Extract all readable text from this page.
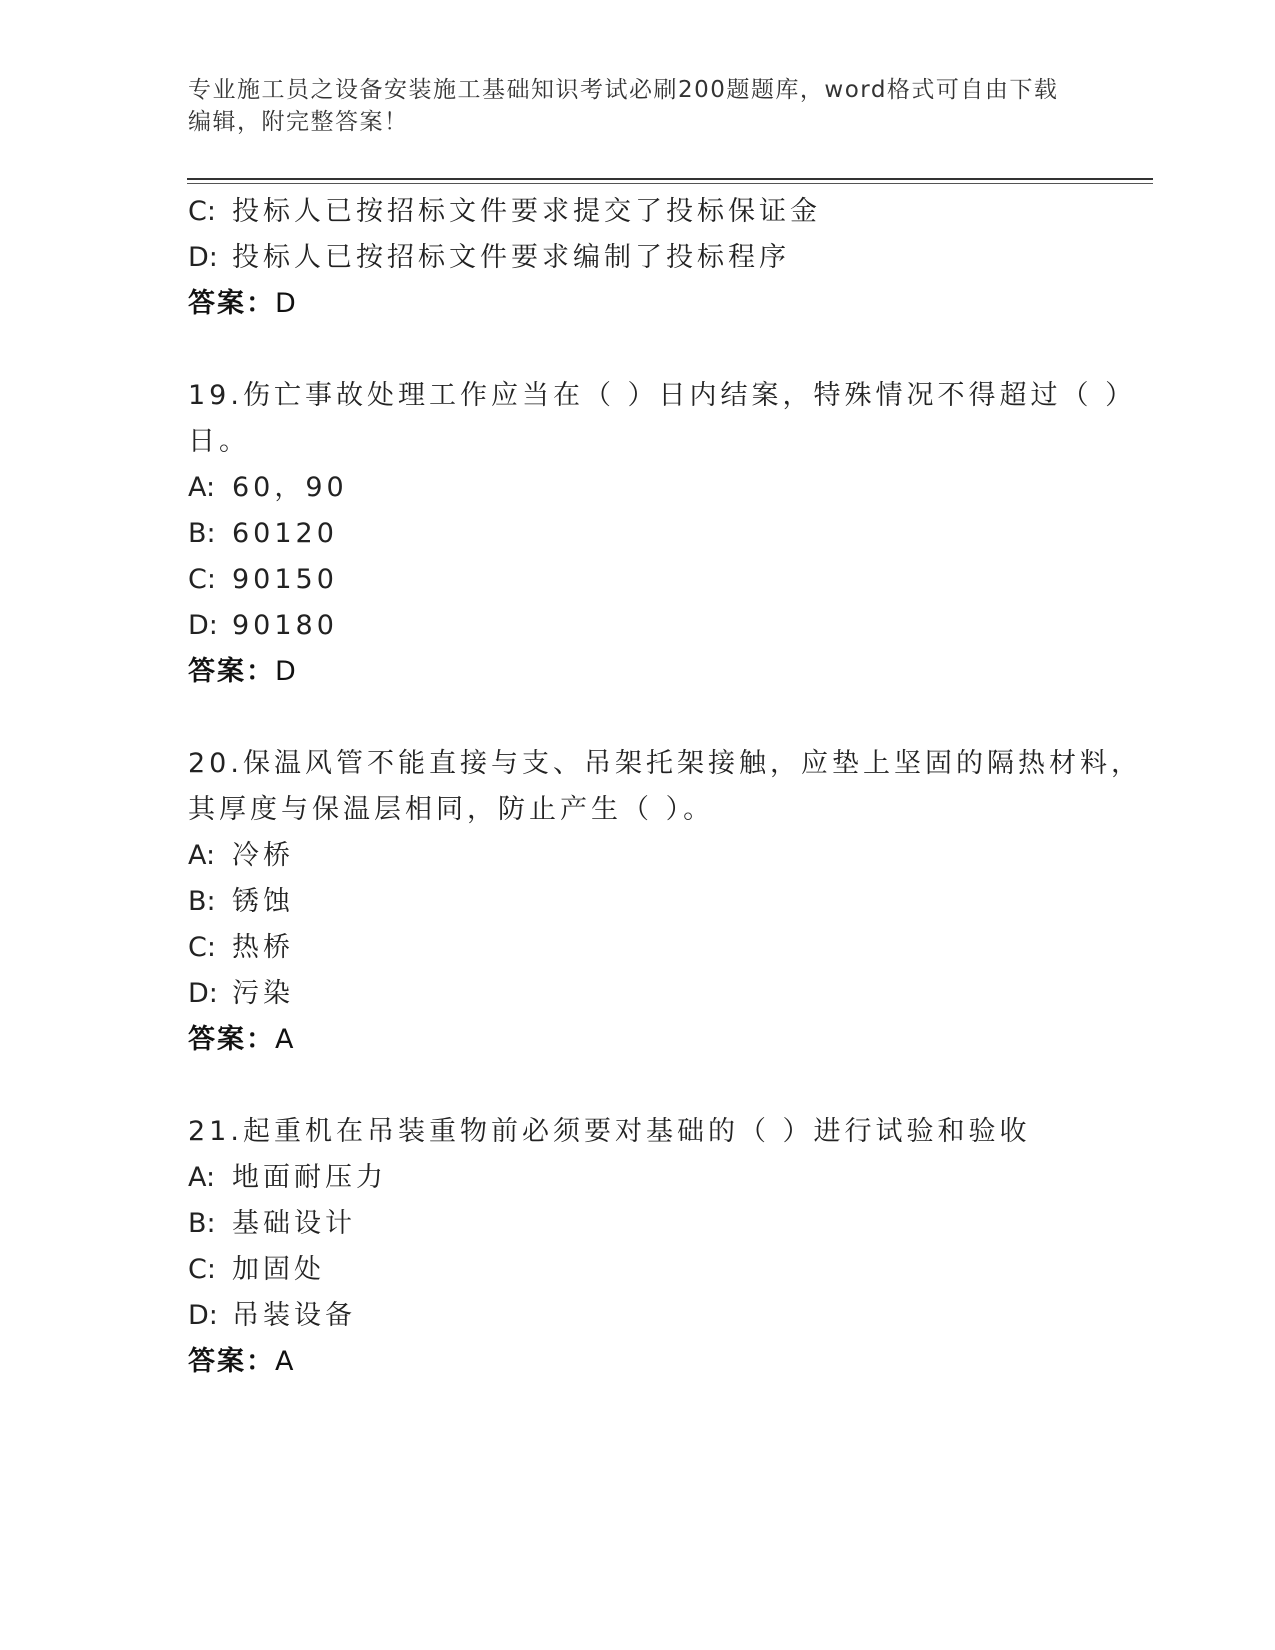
专业施工员之设备安装施工基础知识考试必刷200题题库，word格式可自由下载
编辑，附完整答案！
C: 投标人已按招标文件要求提交了投标保证金
D: 投标人已按招标文件要求编制了投标程序
答案：D
19.伤亡事故处理工作应当在（ ）日内结案，特殊情况不得超过（ ）
日。
A: 60，90
B: 60120
C: 90150
D: 90180
答案：D
20.保温风管不能直接与支、吊架托架接触，应垫上坚固的隔热材料，
其厚度与保温层相同，防止产生（ ）。
A: 冷桥
B: 锈蚀
C: 热桥
D: 污染
答案：A
21.起重机在吊装重物前必须要对基础的（ ）进行试验和验收
A: 地面耐压力
B: 基础设计
C: 加固处
D: 吊装设备
答案：A
